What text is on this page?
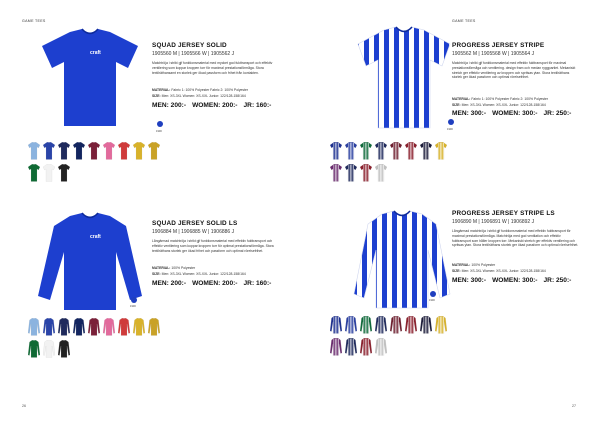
GAME TEES
craft
1900
SQUAD JERSEY SOLID
1905560 M | 1905566 W | 1905562 J
Matchtröja i strikt gjf funktionsmaterial med mycket god fukttransport och effektiv ventilering som koppar kroppen torr för maximal prestationsförmåga. Stora textilräthansamt en storlek ger ökad passform och frihet från kontakten.
MATERIAL: Fabric 1: 100% Polyester Fabric 2: 100% Polyester
SIZE: Men: XS-3XL Women: XS-XXL Junior: 122/128-158/164
MEN: 200:- WOMEN: 200:- JR: 160:-
craft
1900
SQUAD JERSEY SOLID LS
1906884 M | 1906885 W | 1906886 J
Långärmad matchtröja i strikt gjf funktionsmaterial med effektiv fukttransport och effektiv ventilering som koppar kroppen torr för optimal prestationsförmåga. Stora textilräthans storlek ger ökad frihet och passform och optimal rörelsefrihet.
MATERIAL: 100% Polyester
SIZE: Men: XS-3XL Women: XS-XXL Junior: 122/128-158/164
MEN: 200:- WOMEN: 200:- JR: 160:-
26
GAME TEES
1900
PROGRESS JERSEY STRIPE
1905562 M | 1905568 W | 1905564 J
Matchtröja i strikt gjf funktionsmaterial med effektiv fukttransport för maximal prestationsförmåga och ventilering. design fram och medan ryggpartiet. Mekaniskt stretch ger effektiv ventilering av kroppen och spritsas ytan. Stora textilräthans storlek ger ökad passform och optimal rörelsefrihet.
MATERIAL: Fabric 1: 100% Polyester Fabric 2: 100% Polyester
SIZE: Men: XS-3XL Women: XS-XXL Junior: 122/128-158/164
MEN: 300:- WOMEN: 300:- JR: 250:-
1900
PROGRESS JERSEY STRIPE LS
1906890 M | 1906891 W | 1906892 J
Långärmad matchtröja i strikt gjf funktionsmaterial med effektiv fukttransport för maximal prestationsförmåga. Matchtröja med god ventilation och effektiv fukttransport som håller kroppen torr. Mekaniskt stretch ger effektiv ventilering och spritsas ytan. Stora textilräthans storlek ger ökad passform och optimal rörelsefrihet.
MATERIAL: 100% Polyester
SIZE: Men: XS-3XL Women: XS-XXL Junior: 122/128-158/164
MEN: 300:- WOMEN: 300:- JR: 250:-
27
